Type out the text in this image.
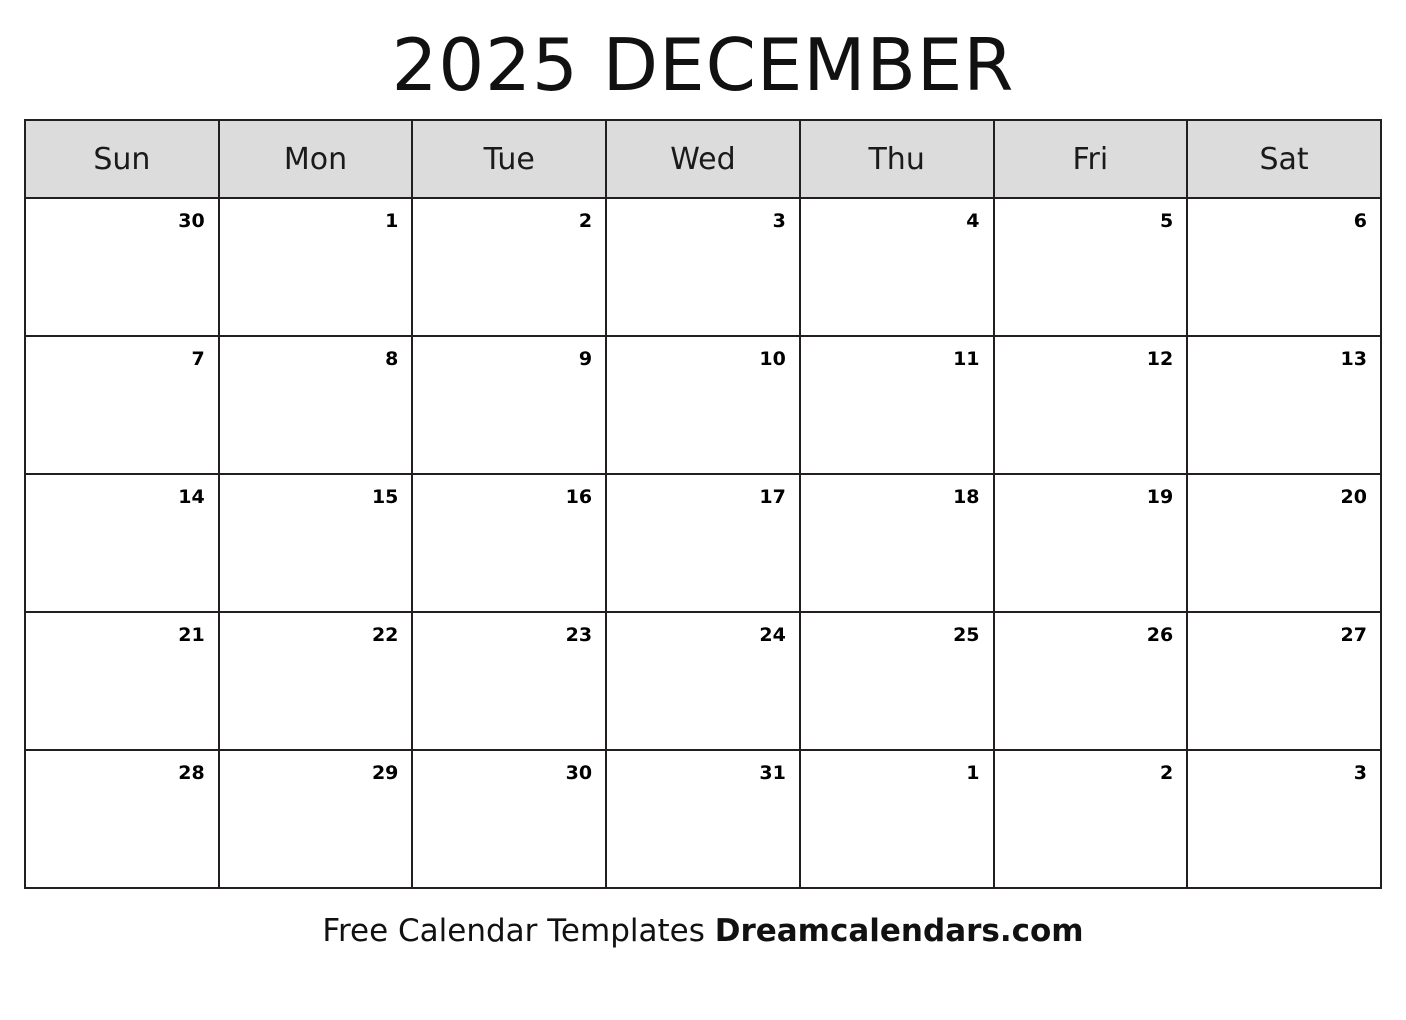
2025 DECEMBER
Sun	Mon	Tue	Wed	Thu	Fri	Sat

30	1	2	3	4	5	6

7	8	9	10	11	12	13

14	15	16	17	18	19	20

21	22	23	24	25	26	27

28	29	30	31	1	2	3
Free Calendar Templates Dreamcalendars.com
